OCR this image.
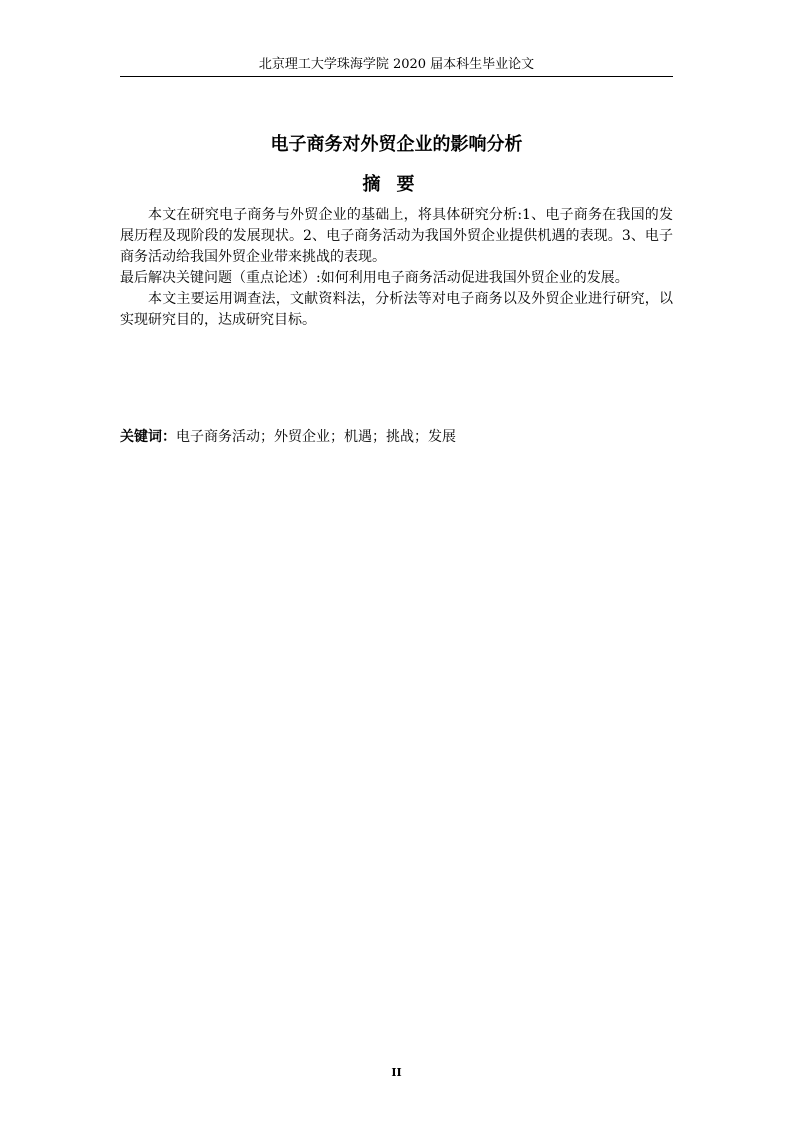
北京理工大学珠海学院 2020 届本科生毕业论文
电子商务对外贸企业的影响分析
摘要

本文在研究电子商务与外贸企业的基础上，将具体研究分析:1、电子商务在我国的发展历程及现阶段的发展现状。2、电子商务活动为我国外贸企业提供机遇的表现。3、电子商务活动给我国外贸企业带来挑战的表现。

最后解决关键问题（重点论述）:如何利用电子商务活动促进我国外贸企业的发展。

本文主要运用调查法，文献资料法，分析法等对电子商务以及外贸企业进行研究，以实现研究目的，达成研究目标。

关键词：电子商务活动；外贸企业；机遇；挑战；发展
II
